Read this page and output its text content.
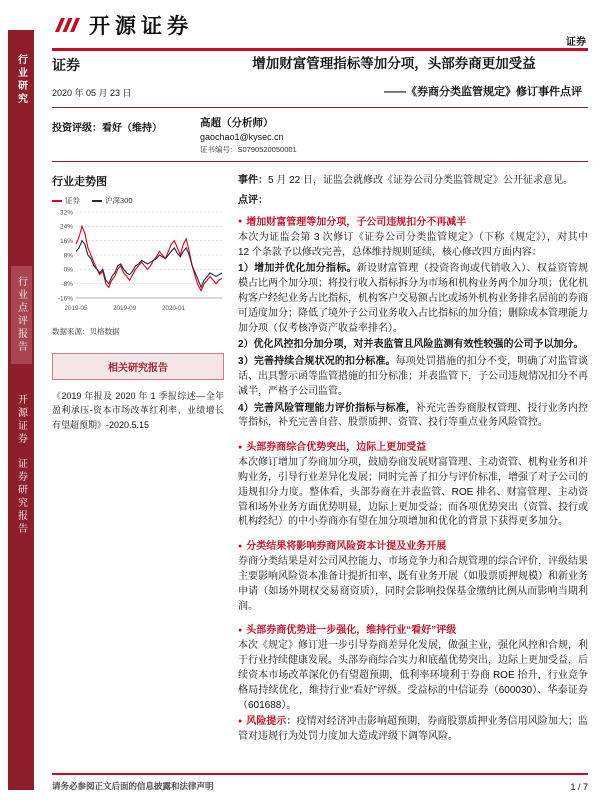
行业研究
行业点评报告
开源证券
证券研究报告
开源证券
证券
证券
2020 年 05 月 23 日
增加财富管理指标等加分项，头部券商更加受益
——《券商分类监管规定》修订事件点评
投资评级：看好（维持）	高超（分析师）
gaochao1@kysec.cn
证书编号：S0790520050001
行业走势图
证券	沪深300
32%
24%
16%
8%
0%
-8%
-16%
2019-05	2019-09	2020-01
数据来源：贝格数据
相关研究报告
《2019 年报及 2020 年 1 季报综述—全年盈利承压-资本市场改革红利率、业绩增长有望超预期》-2020.5.15

事件：5 月 22 日，证监会就修改《证券公司分类监管规定》公开征求意见。

点评：

● 增加财富管理等加分项，子公司违规扣分不再减半

本次为证监会第 3 次修订《证券公司分类监管规定》（下称《规定》），对其中 12 个条款予以修改完善，总体维持规则延续，核心修改四方面内容：

1）增加并优化加分指标。新设财富管理（投资咨询或代销收入）、权益资管规模占比两个加分项；将投行收入指标拆分为市场和机构业务两个加分项；优化机构客户经纪业务占比指标，机构客户交易额占比或场外机构业务排名居前的券商可适度加分；降低了境外子公司业务收入占比指标的加分值；删除成本管理能力加分项（仅考核净资产收益率排名）。

2）优化风控扣分加分项，对并表监管且风险监测有效性较强的公司予以加分。

3）完善持续合规状况的扣分标准。每项处罚措施的扣分不变，明确了对监管谈话、出具警示函等监管措施的扣分标准；并表监管下，子公司违规情况扣分不再减半，严格子公司监管。

4）完善风险管理能力评价指标与标准，补充完善券商股权管理、投行业务内控等指标，补充完善自营、股票质押、资管、投行等重点业务风险管控。

● 头部券商综合优势突出，边际上更加受益

本次修订增加了券商加分项，鼓励券商发展财富管理、主动资管、机构业务和并购业务，引导行业差异化发展；同时完善了扣分与评价标准，增强了对子公司的违规扣分力度。整体看，头部券商在并表监管、ROE 排名、财富管理、主动资管和场外业务方面优势明显，边际上更加受益；而各项优势突出（资管、投行或机构经纪）的中小券商亦有望在加分项增加和优化的背景下获得更多加分。

● 分类结果将影响券商风险资本计提及业务开展

券商分类结果是对公司风控能力、市场竞争力和合规管理的综合评价，评级结果主要影响风险资本准备计提折扣率、既有业务开展（如股票质押规模）和新业务申请（如场外期权交易商资质），同时会影响投保基金缴纳比例从而影响当期利润。

● 头部券商优势进一步强化，维持行业“看好”评级

本次《规定》修订进一步引导券商差异化发展，做强主业，强化风控和合规，利于行业持续健康发展。头部券商综合实力和底蕴优势突出，边际上更加受益，后续资本市场改革深化仍有望超预期，低利率环境利于券商 ROE 抬升，行业竞争格局持续优化，维持行业“看好”评级。受益标的中信证券（600030）、华泰证券（601688）。

● 风险提示：疫情对经济冲击影响超预期，券商股票质押业务信用风险加大；监管对违规行为处罚力度加大造成评级下调等风险。

请务必参阅正文后面的信息披露和法律声明	1 / 7
